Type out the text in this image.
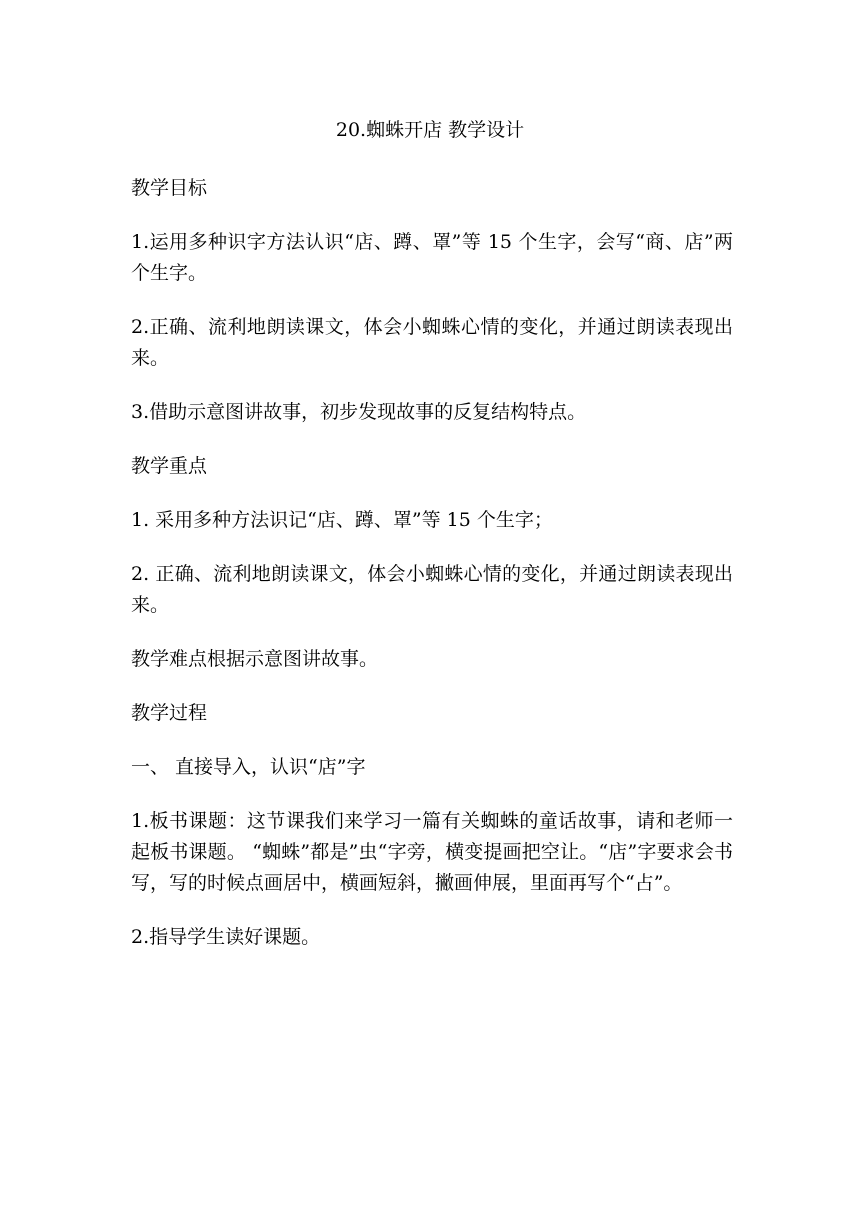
20.蜘蛛开店 教学设计

教学目标

1.运用多种识字方法认识“店、蹲、罩”等 15 个生字，会写“商、店”两个生字。

2.正确、流利地朗读课文，体会小蜘蛛心情的变化，并通过朗读表现出来。

3.借助示意图讲故事，初步发现故事的反复结构特点。

教学重点

1. 采用多种方法识记“店、蹲、罩”等 15 个生字；

2. 正确、流利地朗读课文，体会小蜘蛛心情的变化，并通过朗读表现出来。

教学难点根据示意图讲故事。

教学过程

一、 直接导入，认识“店”字

1.板书课题：这节课我们来学习一篇有关蜘蛛的童话故事，请和老师一起板书课题。 “蜘蛛”都是”虫“字旁，横变提画把空让。“店”字要求会书写，写的时候点画居中，横画短斜，撇画伸展，里面再写个“占”。

2.指导学生读好课题。
